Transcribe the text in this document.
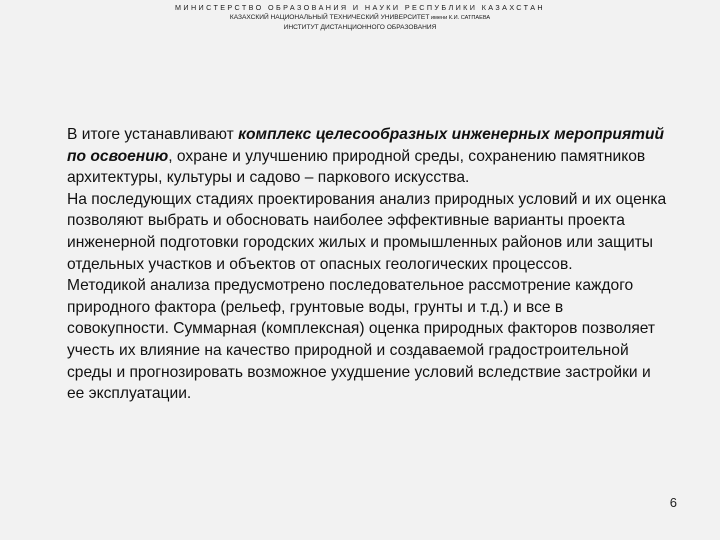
МИНИСТЕРСТВО ОБРАЗОВАНИЯ И НАУКИ РЕСПУБЛИКИ КАЗАХСТАН
КАЗАХСКИЙ НАЦИОНАЛЬНЫЙ ТЕХНИЧЕСКИЙ УНИВЕРСИТЕТ имени К.И. САТПАЕВА
ИНСТИТУТ ДИСТАНЦИОННОГО ОБРАЗОВАНИЯ

В итоге устанавливают комплекс целесообразных инженерных мероприятий по освоению, охране и улучшению природной среды, сохранению памятников архитектуры, культуры и садово – паркового искусства.

На последующих стадиях проектирования анализ природных условий и их оценка позволяют выбрать и обосновать наиболее эффективные варианты проекта инженерной подготовки городских жилых и промышленных районов или защиты отдельных участков и объектов от опасных геологических процессов.

Методикой анализа предусмотрено последовательное рассмотрение каждого природного фактора (рельеф, грунтовые воды, грунты и т.д.) и все в совокупности. Суммарная (комплексная) оценка природных факторов позволяет учесть их влияние на качество природной и создаваемой градостроительной среды и прогнозировать возможное ухудшение условий вследствие застройки и ее эксплуатации.

6
